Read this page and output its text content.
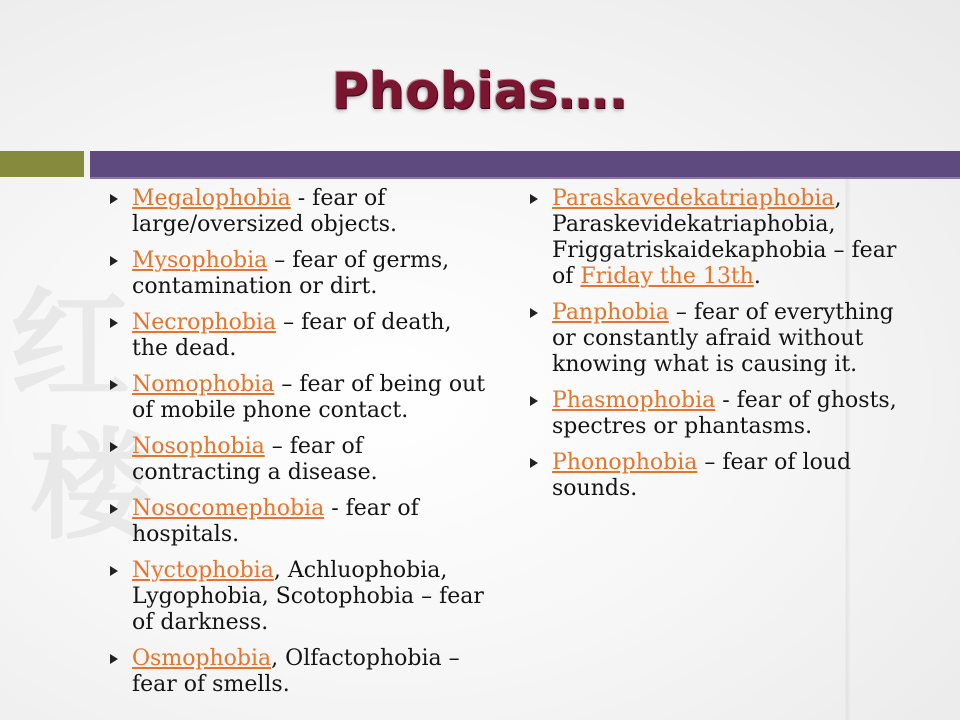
红
楼
Phobias….
Megalophobia - fear of large/oversized objects.
Mysophobia – fear of germs, contamination or dirt.
Necrophobia – fear of death, the dead.
Nomophobia – fear of being out of mobile phone contact.
Nosophobia – fear of contracting a disease.
Nosocomephobia - fear of hospitals.
Nyctophobia, Achluophobia, Lygophobia, Scotophobia – fear of darkness.
Osmophobia, Olfactophobia – fear of smells.
Paraskavedekatriaphobia, Paraskevidekatriaphobia, Friggatriskaidekaphobia – fear of Friday the 13th.
Panphobia – fear of everything or constantly afraid without knowing what is causing it.
Phasmophobia - fear of ghosts, spectres or phantasms.
Phonophobia – fear of loud sounds.
